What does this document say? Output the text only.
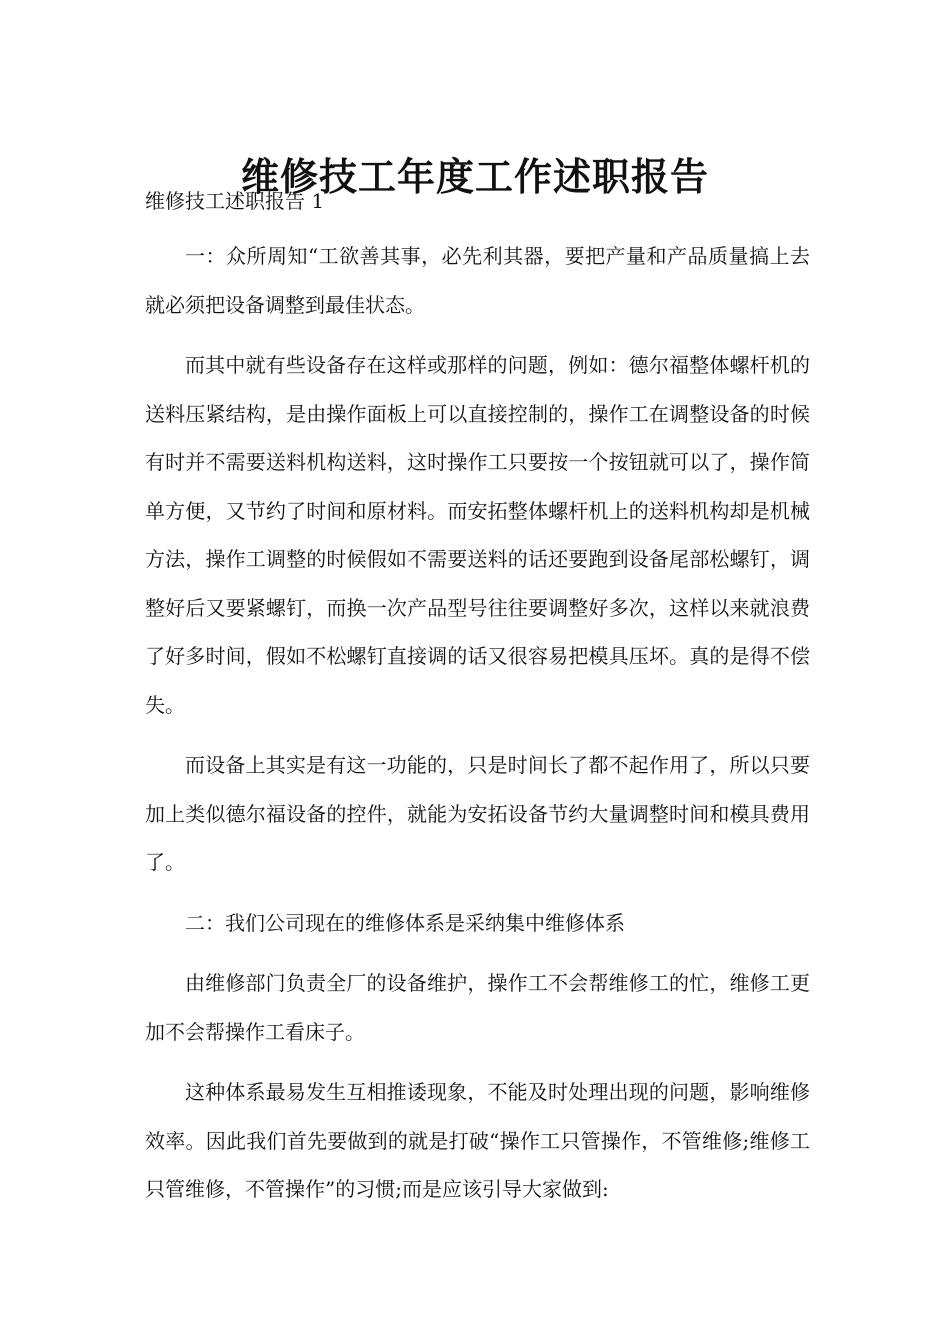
维修技工年度工作述职报告
维修技工述职报告 1

一：众所周知“工欲善其事，必先利其器，要把产量和产品质量搞上去就必须把设备调整到最佳状态。

而其中就有些设备存在这样或那样的问题，例如：德尔福整体螺杆机的送料压紧结构，是由操作面板上可以直接控制的，操作工在调整设备的时候有时并不需要送料机构送料，这时操作工只要按一个按钮就可以了，操作简单方便，又节约了时间和原材料。而安拓整体螺杆机上的送料机构却是机械方法，操作工调整的时候假如不需要送料的话还要跑到设备尾部松螺钉，调整好后又要紧螺钉，而换一次产品型号往往要调整好多次，这样以来就浪费了好多时间，假如不松螺钉直接调的话又很容易把模具压坏。真的是得不偿失。

而设备上其实是有这一功能的，只是时间长了都不起作用了，所以只要加上类似德尔福设备的控件，就能为安拓设备节约大量调整时间和模具费用了。

二：我们公司现在的维修体系是采纳集中维修体系

由维修部门负责全厂的设备维护，操作工不会帮维修工的忙，维修工更加不会帮操作工看床子。

这种体系最易发生互相推诿现象，不能及时处理出现的问题，影响维修效率。因此我们首先要做到的就是打破“操作工只管操作，不管维修;维修工只管维修，不管操作”的习惯;而是应该引导大家做到:
